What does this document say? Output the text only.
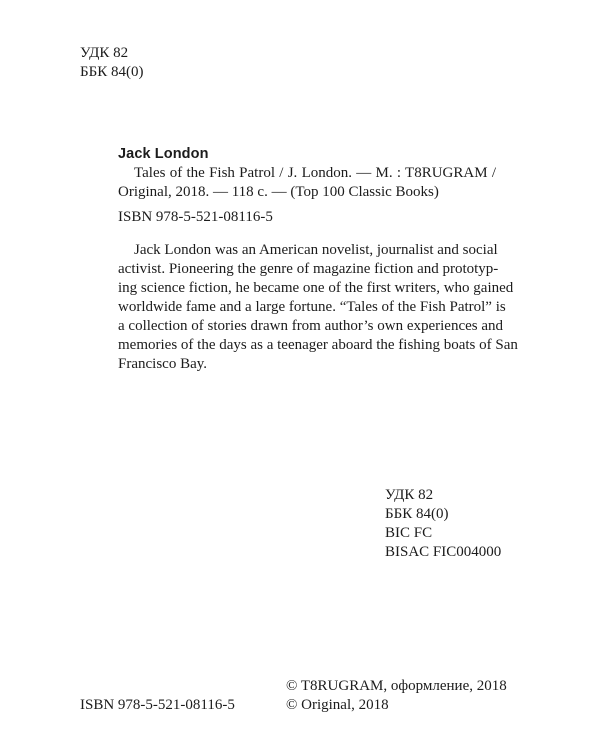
УДК 82
ББК 84(0)
Jack London
Tales of the Fish Patrol / J. London. — M. : T8RUGRAM /
Original, 2018. — 118 c. — (Top 100 Classic Books)
ISBN 978-5-521-08116-5
Jack London was an American novelist, journalist and social
activist. Pioneering the genre of magazine fiction and prototyp-
ing science fiction, he became one of the first writers, who gained
worldwide fame and a large fortune. “Tales of the Fish Patrol” is
a collection of stories drawn from author’s own experiences and
memories of the days as a teenager aboard the fishing boats of San
Francisco Bay.
УДК 82
ББК 84(0)
BIC FC
BISAC FIC004000
ISBN 978-5-521-08116-5
© T8RUGRAM, оформление, 2018
© Original, 2018
